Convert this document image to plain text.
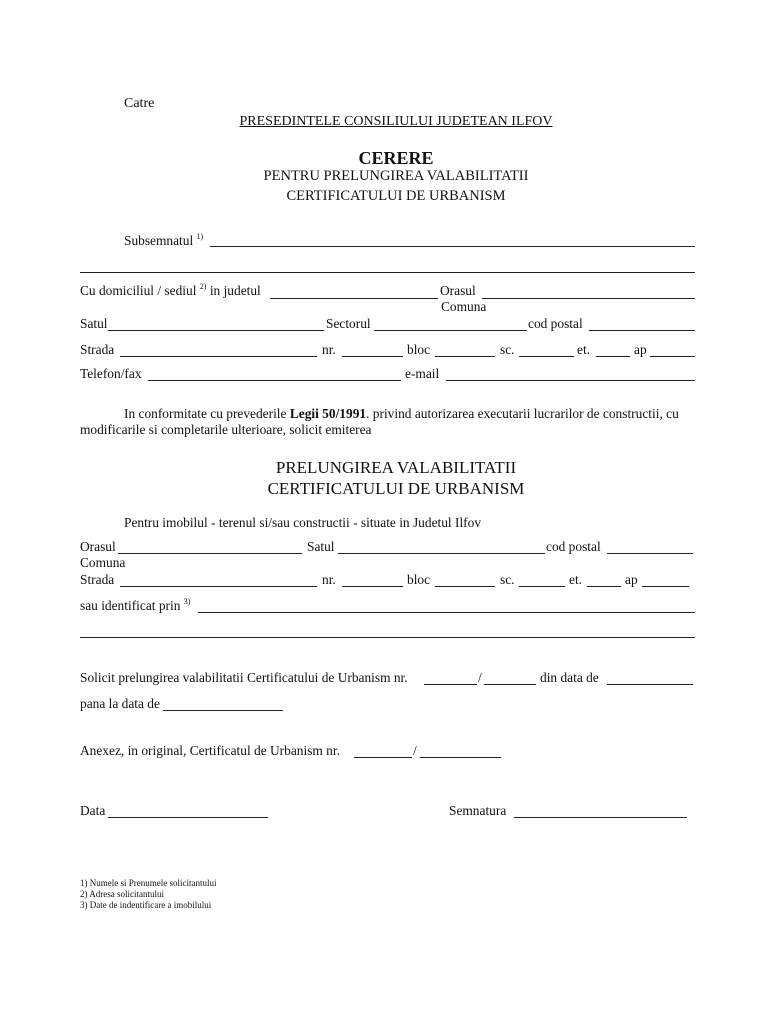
Catre
PRESEDINTELE CONSILIULUI JUDETEAN ILFOV
CERERE
PENTRU PRELUNGIREA VALABILITATII
CERTIFICATULUI DE URBANISM
Subsemnatul $^{1)}$
Cu domiciliul / sediul $^{2)}$ in judetul	Orasul
Comuna
Satul	Sectorul	cod postal
Strada	nr.	bloc	sc.	et.	ap
Telefon/fax	e-mail
In conformitate cu prevederile Legii 50/1991. privind autorizarea executarii lucrarilor de constructii, cu
modificarile si completarile ulterioare, solicit emiterea
PRELUNGIREA VALABILITATII
CERTIFICATULUI DE URBANISM
Pentru imobilul - terenul si/sau constructii - situate in Judetul Ilfov
Orasul	Satul	cod postal
Comuna
Strada	nr.	bloc	sc.	et.	ap
sau identificat prin $^{3)}$
Solicit prelungirea valabilitatii Certificatului de Urbanism nr.	/	din data de
pana la data de
Anexez, in original, Certificatul de Urbanism nr.	/
Data	Semnatura
1) Numele si Prenumele solicitantului
2) Adresa solicitantului
3) Date de indentificare a imobilului
